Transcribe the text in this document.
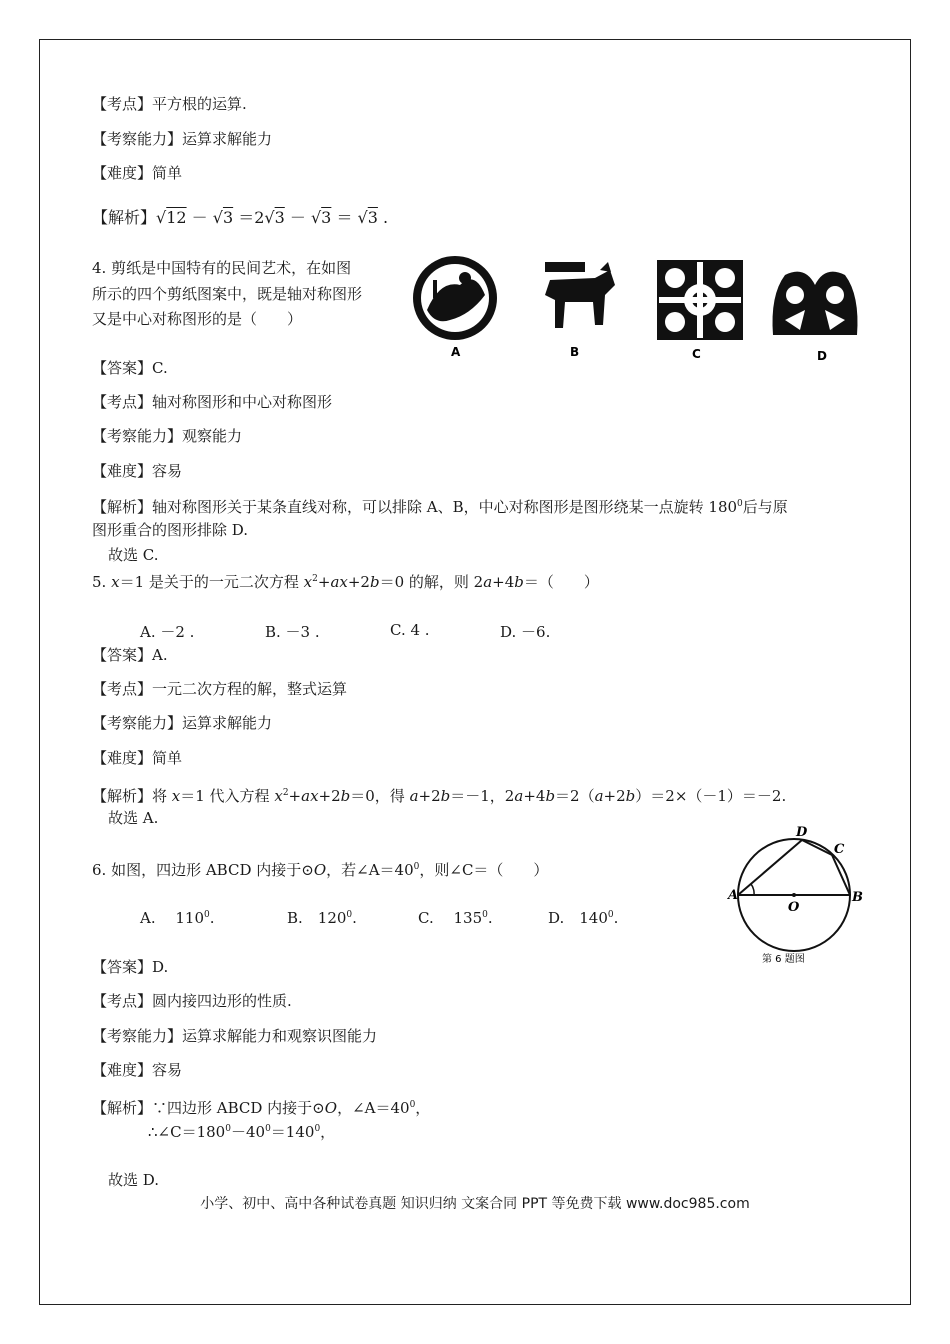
【考点】平方根的运算.
【考察能力】运算求解能力
【难度】简单
【解析】√12 － √3 ＝2√3 － √3 ＝ √3 .
4. 剪纸是中国特有的民间艺术，在如图
所示的四个剪纸图案中，既是轴对称图形
又是中心对称图形的是（　　）
A	B	C	D
【答案】C.
【考点】轴对称图形和中心对称图形
【考察能力】观察能力
【难度】容易
【解析】轴对称图形关于某条直线对称，可以排除 A、B，中心对称图形是图形绕某一点旋转 $180^0$后与原
图形重合的图形排除 D.
故选 C.
5. x＝1 是关于的一元二次方程 $x^2+ax+2b=0$ 的解，则 2a+4b＝（　　）
A. －2 .	B. －3 .	C. 4 .	D. －6.
【答案】A.
【考点】一元二次方程的解，整式运算
【考察能力】运算求解能力
【难度】简单
【解析】将 x＝1 代入方程 $x^2+ax+2b=0$，得 a+2b＝－1，2a+4b＝2（a+2b）＝2×（－1）＝－2.
故选 A.
6. 如图，四边形 ABCD 内接于⊙O，若$\angle A=40^0$，则∠C＝（　　）
A.　 $110^0$.	B.　$120^0$.	C.　 $135^0$.	D.　$140^0$.
A	B
C
D
O
第 6 题图
【答案】D.
【考点】圆内接四边形的性质.
【考察能力】运算求解能力和观察识图能力
【难度】容易
【解析】∵四边形 ABCD 内接于⊙O，$\angle A=40^0$，
$\therefore\angle C=180^0-40^0=140^0$，
故选 D.
小学、初中、高中各种试卷真题 知识归纳 文案合同 PPT 等免费下载 www.doc985.com
